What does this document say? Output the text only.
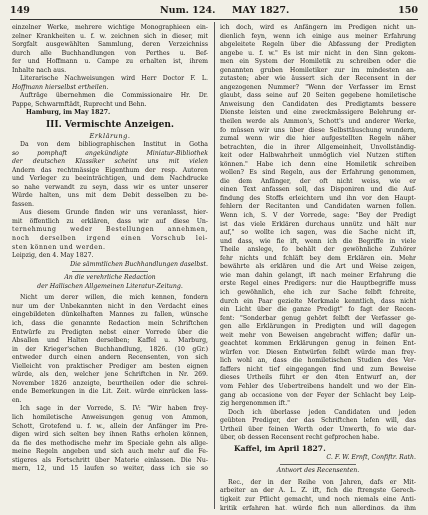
149	Num. 124. MAY 1827.	150
einzelner Werke, mehrere wichtige Monographieen ein-
zelner Krankheiten u. f. w. zeichnen sich in dieser, mit
Sorgfalt ausgewählten Sammlung, deren Verzeichniss
durch alle Buchhandlungen von Perthes u. Bef-
fer und Hoffmann u. Campe zu erhalten ist, ihrem
Inhalte nach aus.
Literarische Nachweisungen wird Herr Doctor F. L.
Hoffmann hierselbst ertheilen.
Aufträge übernehmen die Commissionaire Hr. Dr.
Pappe, Schwarmftädt, Ruprecht und Behn.
Hamburg, im May 1827.
III. Vermischte Anzeigen.
Erklärung.
Da von dem bibliographischen Institut in Gotha
so pomphaft angekündigte Miniatur-Bibliothek
der deutschen Klassiker scheint uns mit vielen
Andern das rechtmässige Eigenthum der resp. Autoren
und Verleger zu beeinträchtigen, und dem Nachdrucke
so nahe verwandt zu seyn, dass wir es unter unserer
Würde halten, uns mit dem Debit desselben zu be-
fassen.
Aus diesem Grunde finden wir uns veranlasst, hier-
mit öffentlich zu erklären, dass wir auf diese Un-
ternehmung weder Bestellungen annehmen,
noch derselben irgend einen Vorschub lei-
sten können und werden.
Leipzig, den 4. May 1827.
Die sämmtlichen Buchhandlungen daselbst.
An die verehrliche Redaction
der Hallischen Allgemeinen Literatur-Zeitung.
Nicht um derer willen, die mich kennen, fondern
nur um der Unbekannten nicht in den Verdacht eines
eingebildeten dünkelhaften Mannes zu fallen, wünsche
ich, dass die genannte Redaction mein Schriftchen
Entwürfe zu Predigten nebst einer Vorrede über die
Absallen und Halten derselben; Kaffel u. Marburg,
in der Krieger'schen Buchhandlung, 1826. (10 gGr.)
entweder durch einen andern Recensenten, von sich
Vielleicht von praktischer Prediger am besten eignen
würde, als den, welcher jene Schriftchen in Nr. 269.
November 1826 anzeigte, beurtheilen oder die schrei-
ende Bemerkungen in die Lit. Zeit. würde einrücken lass-
en.
Ich sage in der Vorrede, S. IV: "Wir haben frey-
lich homiletische Anweisungen genug von Ammon,
Schott, Grotefend u. f. w., allein der Anfänger im Pre-
digen wird sich selten bey ihnen Raths erholen können,
da fie des methodische mehr im Speciale gehn als allge-
meine Regeln angeben und sich auch mehr auf die Fe-
stigeres als Fortschritt über Materie einlassen. Die Nu-
mern, 12, und 15 laufen so weiter, dass ich sie so
ich doch, wird es Anfängern im Predigen nicht un-
dienlich feyn, wenn ich einige aus meiner Erfahrung
abgeleitete Regeln über die Abfassung der Predigten
angebe u. f. w." Es ist mir nicht in den Sinn gekom-
men ein System der Homiletik zu schreiben oder die
genannten gruben Homiletiker zur im mindesten an-
zutasten; aber wie äussert sich der Recensent in der
angezogenen Nummer? "Wenn der Verfasser im Ernst
glaubt, dass seine auf 20 Seiten gegebene homiletische
Anweisung den Candidaten des Predigtamts bessere
Dienste leisten und eine zweckmässigere Belehrung er-
theilen werde als Ammon's, Schott's und anderer Werke,
fo müssen wir uns über diese Selbsttäuschung wundern,
zumal wenn wir die hier aufgestellten Regeln näher
betrachten, die in ihrer Allgemeinheit, Unvollständig-
keit oder Halbwahrheit unmöglich viel Nutzen stiften
können." Habe ich denn eine Homiletik schreiben
wollen? Es sind Regeln, aus der Erfahrung genommen,
die dem Anfänger, der oft nicht weiss, wie er
einen Text anfassen soll, das Disponiren und die Auf-
findung des Stoffs erleichtern und ihn vor den Haupt-
fehlern der Recitanten und Candidaten warnen follen.
Wenn ich, S. V der Vorrede, sage: "Bey der Predigt
ist das viele Erklären durchaus unnütz und hält nur
auf," so wollte ich sagen, was die Sache nicht ift,
und dass, wie fie ift, wenn ich die Begriffe in viele
Theile anslege, fo behält der gewöhnliche Zuhörer
fehr nichts und fchläft bey dem Erklären ein. Mehr
bewährte als erklären und die Art und Weise zeigen,
wie man dahin gelangt, ift nach meiner Erfahrung die
erste Regel eines Predigers: nur die Hauptbegriffe muss
ich gewöhnlich, ehe ich zur Sache felbft fchreite,
durch ein Paar gezielte Merkmale kenntlich, dass nicht
ein Licht über die ganze Predigt" fo fagt der Recen-
fent: "Sonderbar genug gehört felbft der Verfasser ge-
gen alle Erklärungen in Predigten und will dagegen
weit mehr von Beweisen angebracht wiffen; dafür un-
geachtet kommen Erklärungen genug in feinen Ent-
würfen vor. Diesen Entwürfen felbft würde man frey-
lich wohl an, dass die homiletischen Studien des Ver-
faffers nicht tief eingegangen find und zum Beweise
dieses Urtheils führt er den 4ten Entwurf an, der
vom Fehler des Uebertreibens handelt und wo der Ein-
gang ab occasione von der Feyer der Schlacht bey Leip-
zig hergenommen ift."
Doch ich überlasse jeden Candidaten und jeden
geübten Prediger, der das Schriftchen lefen will, das
Urtheil über feinen Werth oder Unwerth, fo wie dar-
über, ob dessen Recensent recht gefprochen habe.
Kaffel, im April 1827.
C. F. W. Ernft, Confiftr. Rath.
Antwort des Recensenten.
Rec., der in der Reihe von Jahren, dafs er Mit-
arbeiter an der A. L. Z. ift, fich die ftrengste Gerech-
tigkeit zur Pflicht gemacht, und noch niemals eine Anti-
kritik erfahren hat, würde fich nun allerdings, da ihm
